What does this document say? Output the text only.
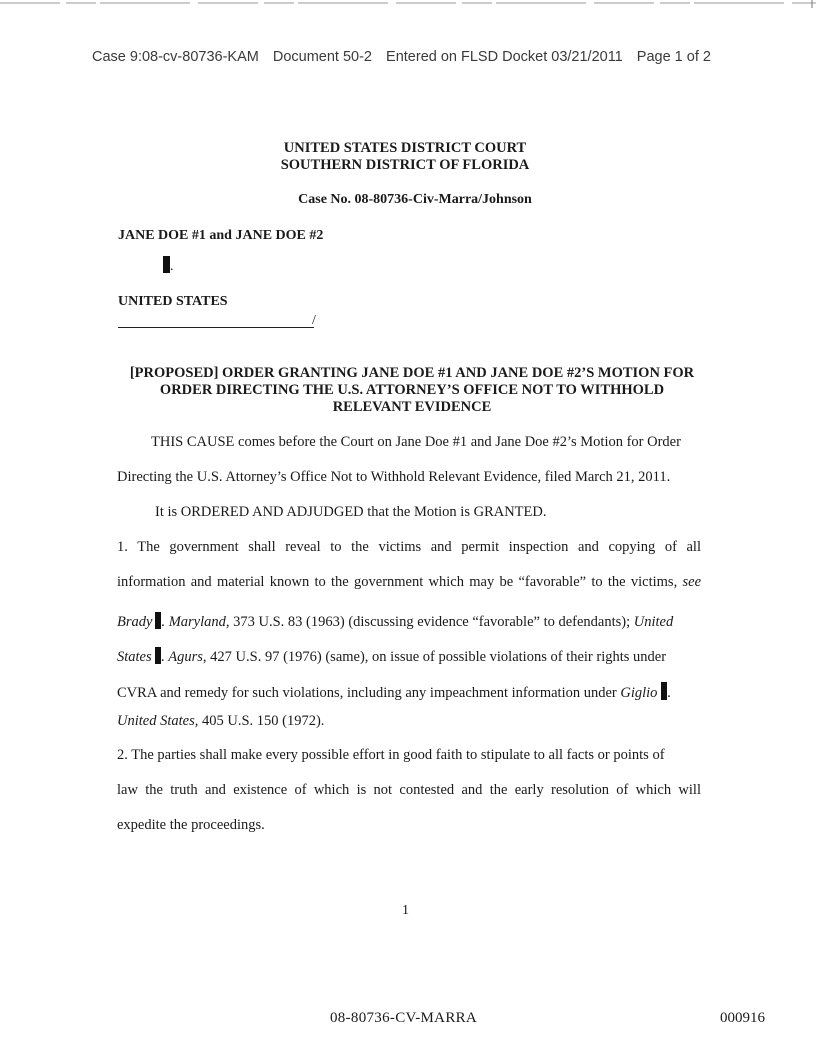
Case 9:08-cv-80736-KAM Document 50-2 Entered on FLSD Docket 03/21/2011 Page 1 of 2
UNITED STATES DISTRICT COURT
SOUTHERN DISTRICT OF FLORIDA
Case No. 08-80736-Civ-Marra/Johnson
JANE DOE #1 and JANE DOE #2
.
UNITED STATES
/
[PROPOSED] ORDER GRANTING JANE DOE #1 AND JANE DOE #2’S MOTION FOR
ORDER DIRECTING THE U.S. ATTORNEY’S OFFICE NOT TO WITHHOLD
RELEVANT EVIDENCE
THIS CAUSE comes before the Court on Jane Doe #1 and Jane Doe #2’s Motion for Order
Directing the U.S. Attorney’s Office Not to Withhold Relevant Evidence, filed March 21, 2011.
It is ORDERED AND ADJUDGED that the Motion is GRANTED.
1. The government shall reveal to the victims and permit inspection and copying of all
information and material known to the government which may be “favorable” to the victims, see
Brady . Maryland, 373 U.S. 83 (1963) (discussing evidence “favorable” to defendants); United
States . Agurs, 427 U.S. 97 (1976) (same), on issue of possible violations of their rights under
CVRA and remedy for such violations, including any impeachment information under Giglio .
United States, 405 U.S. 150 (1972).
2. The parties shall make every possible effort in good faith to stipulate to all facts or points of
law the truth and existence of which is not contested and the early resolution of which will
expedite the proceedings.
1
08-80736-CV-MARRA	000916
